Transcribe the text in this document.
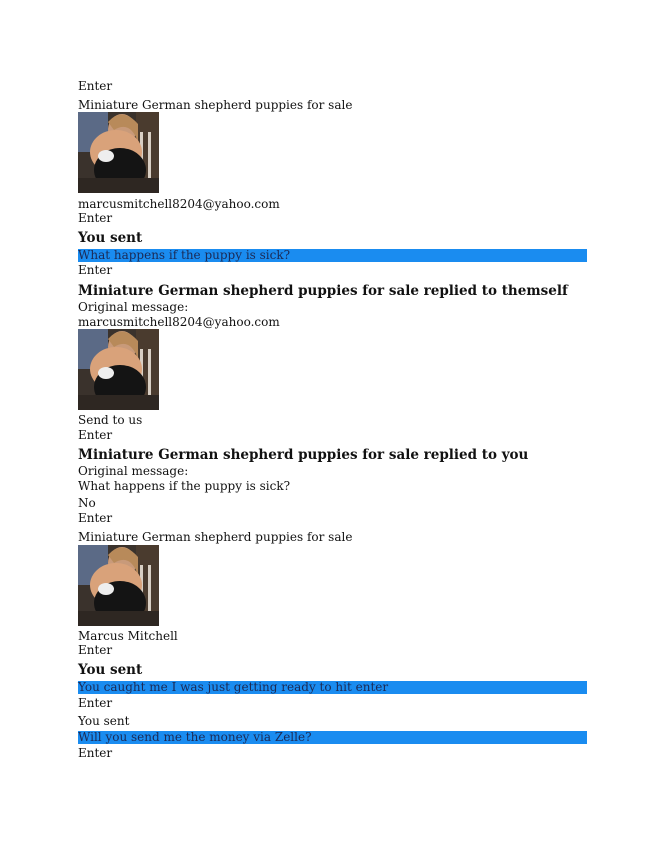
Enter
Miniature German shepherd puppies for sale
marcusmitchell8204@yahoo.com
Enter
You sent
What happens if the puppy is sick?
Enter
Miniature German shepherd puppies for sale replied to themself
Original message:
marcusmitchell8204@yahoo.com
Send to us
Enter
Miniature German shepherd puppies for sale replied to you
Original message:
What happens if the puppy is sick?
No
Enter
Miniature German shepherd puppies for sale
Marcus Mitchell
Enter
You sent
You caught me I was just getting ready to hit enter
Enter
You sent
Will you send me the money via Zelle?
Enter
